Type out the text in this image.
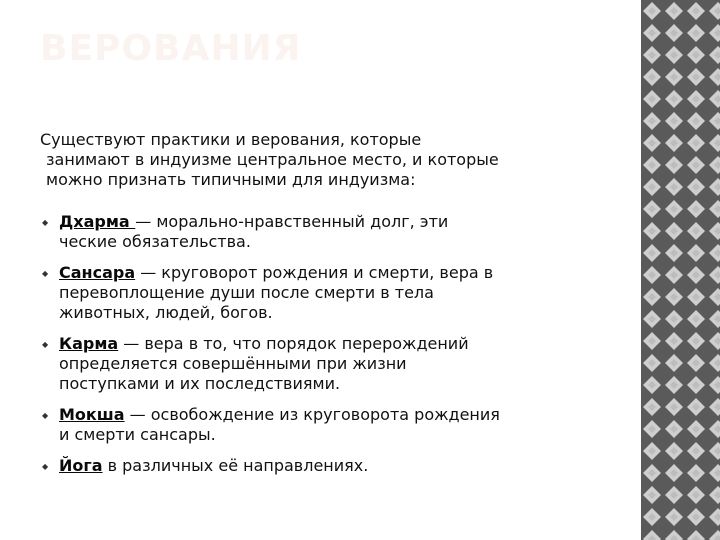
ВЕРОВАНИЯ

Существуют практики и верования, которые занимают в индуизме центральное место, и которые можно признать типичными для индуизма:

◆ Дхарма — морально-нравственный долг, эти ческие обязательства.
◆ Сансара — круговорот рождения и смерти, вера в перевоплощение души после смерти в тела животных, людей, богов.
◆ Карма — вера в то, что порядок перерождений определяется совершёнными при жизни поступками и их последствиями.
◆ Мокша — освобождение из круговорота рождения и смерти сансары.
◆ Йога в различных её направлениях.
